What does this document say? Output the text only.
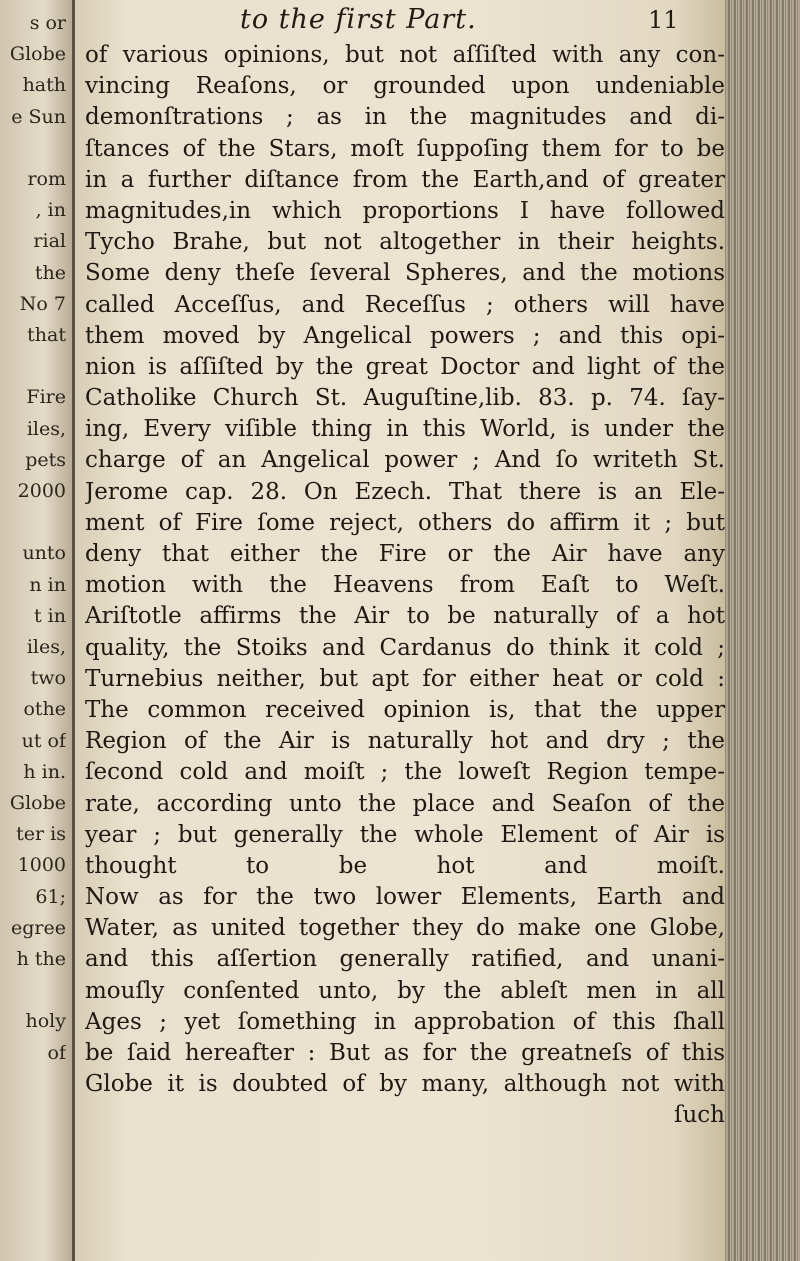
s or
Globe
hath
e Sun
rom
, in
rial
the
No 7
that
Fire
iles,
pets
2000
unto
n in
t in
iles,
two
othe
ut of
h in.
Globe
ter is
1000
61;
egree
h the
holy
of
to the first Part.	11
of various opinions, but not aſſiſted with any con-
vincing Reaſons, or grounded upon undeniable
demonſtrations ; as in the magnitudes and di-
ſtances of the Stars, moſt ſuppoſing them for to be
in a further diſtance from the Earth,and of greater
magnitudes,in which proportions I have followed
Tycho Brahe, but not altogether in their heights.
Some deny theſe ſeveral Spheres, and the motions
called Acceſſus, and Receſſus ; others will have
them moved by Angelical powers ; and this opi-
nion is aſſiſted by the great Doctor and light of the
Catholike Church St. Auguſtine,lib. 83. p. 74. ſay-
ing, Every viſible thing in this World, is under the
charge of an Angelical power ; And ſo writeth St.
Jerome cap. 28. On Ezech. That there is an Ele-
ment of Fire ſome reject, others do affirm it ; but
deny that either the Fire or the Air have any
motion with the Heavens from Eaſt to Weſt.
Ariſtotle affirms the Air to be naturally of a hot
quality, the Stoiks and Cardanus do think it cold ;
Turnebius neither, but apt for either heat or cold :
The common received opinion is, that the upper
Region of the Air is naturally hot and dry ; the
ſecond cold and moiſt ; the loweſt Region tempe-
rate, according unto the place and Seaſon of the
year ; but generally the whole Element of Air is
thought to be hot and moiſt.
Now as for the two lower Elements, Earth and
Water, as united together they do make one Globe,
and this aſſertion generally ratified, and unani-
mouſly conſented unto, by the ableſt men in all
Ages ; yet ſomething in approbation of this ſhall
be ſaid hereafter : But as for the greatneſs of this
Globe it is doubted of by many, although not with
ſuch
